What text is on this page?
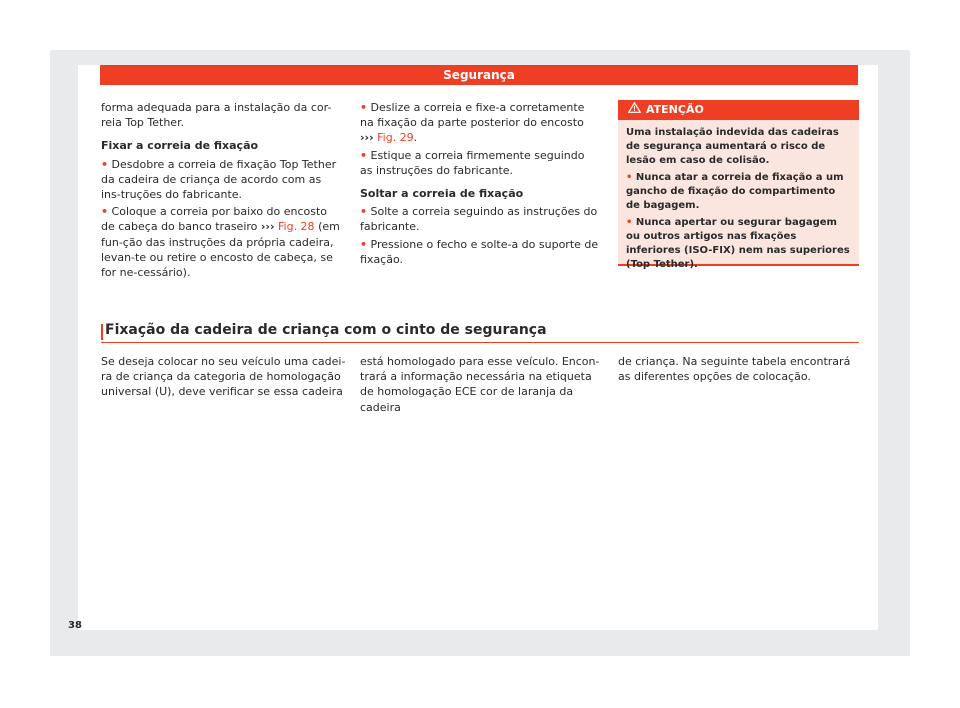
Segurança

forma adequada para a instalação da cor-reia Top Tether.

Fixar a correia de fixação

• Desdobre a correia de fixação Top Tether da cadeira de criança de acordo com as ins-truções do fabricante.

• Coloque a correia por baixo do encosto de cabeça do banco traseiro ››› Fig. 28 (em fun-ção das instruções da própria cadeira, levan-te ou retire o encosto de cabeça, se for ne-cessário).

• Deslize a correia e fixe-a corretamente na fixação da parte posterior do encosto
››› Fig. 29.

• Estique a correia firmemente seguindo as instruções do fabricante.

Soltar a correia de fixação

• Solte a correia seguindo as instruções do fabricante.

• Pressione o fecho e solte-a do suporte de fixação.

ATENÇÃO

Uma instalação indevida das cadeiras de segurança aumentará o risco de lesão em caso de colisão.

• Nunca atar a correia de fixação a um gancho de fixação do compartimento de bagagem.

• Nunca apertar ou segurar bagagem ou outros artigos nas fixações inferiores (ISO-FIX) nem nas superiores (Top Tether).

Fixação da cadeira de criança com o cinto de segurança

Se deseja colocar no seu veículo uma cadei-ra de criança da categoria de homologação universal (U), deve verificar se essa cadeira

está homologado para esse veículo. Encon-trará a informação necessária na etiqueta de homologação ECE cor de laranja da cadeira

de criança. Na seguinte tabela encontrará as diferentes opções de colocação.

38
